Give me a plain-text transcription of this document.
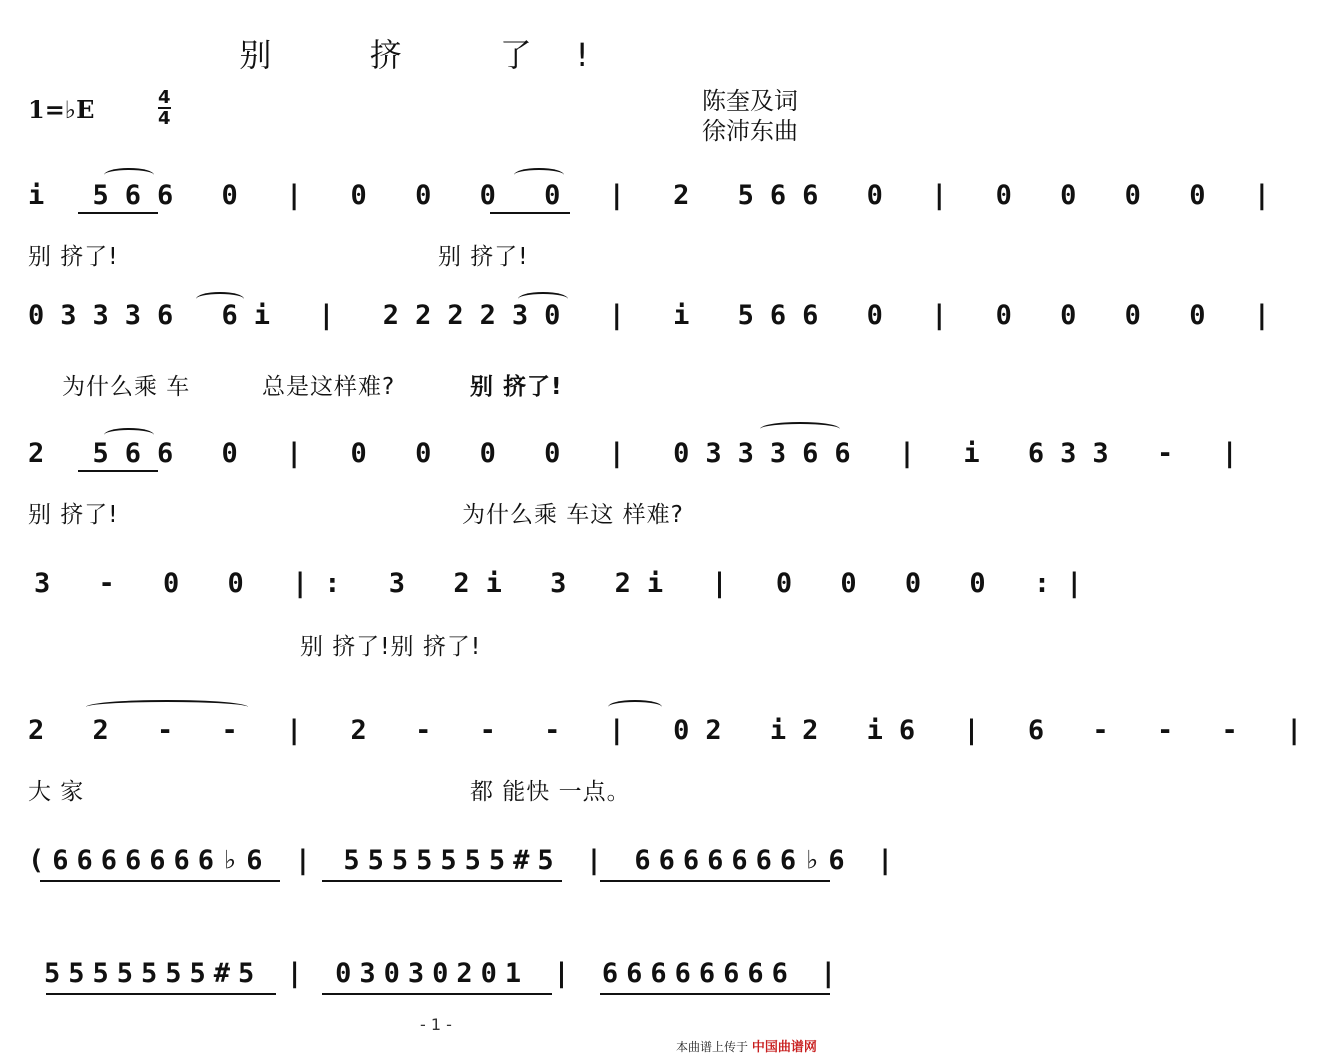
别 挤 了!
1=♭E	4
4
陈奎及词
徐沛东曲
i 566 0 | 0 0 0 0 | 2 566 0 | 0 0 0 0 |
别 挤了!	别 挤了!
03336 6i | 222230 | i 566 0 | 0 0 0 0 |
为什么乘 车	总是这样难?	别 挤了!
2 566 0 | 0 0 0 0 | 033366 | i 633 - |
别 挤了!	为什么乘 车这 样难?
3 - 0 0 |: 3 2i 3 2i | 0 0 0 0 :|
别 挤了!别 挤了!
2 2 - - | 2 - - - | 02 i2 i6 | 6 - - - |
大 家	都 能快 一点。
(6666666♭6 | 5555555#5 | 6666666♭6 |
5555555#5 | 03030201 | 66666666 |
- 1 -
本曲谱上传于 中国曲谱网
